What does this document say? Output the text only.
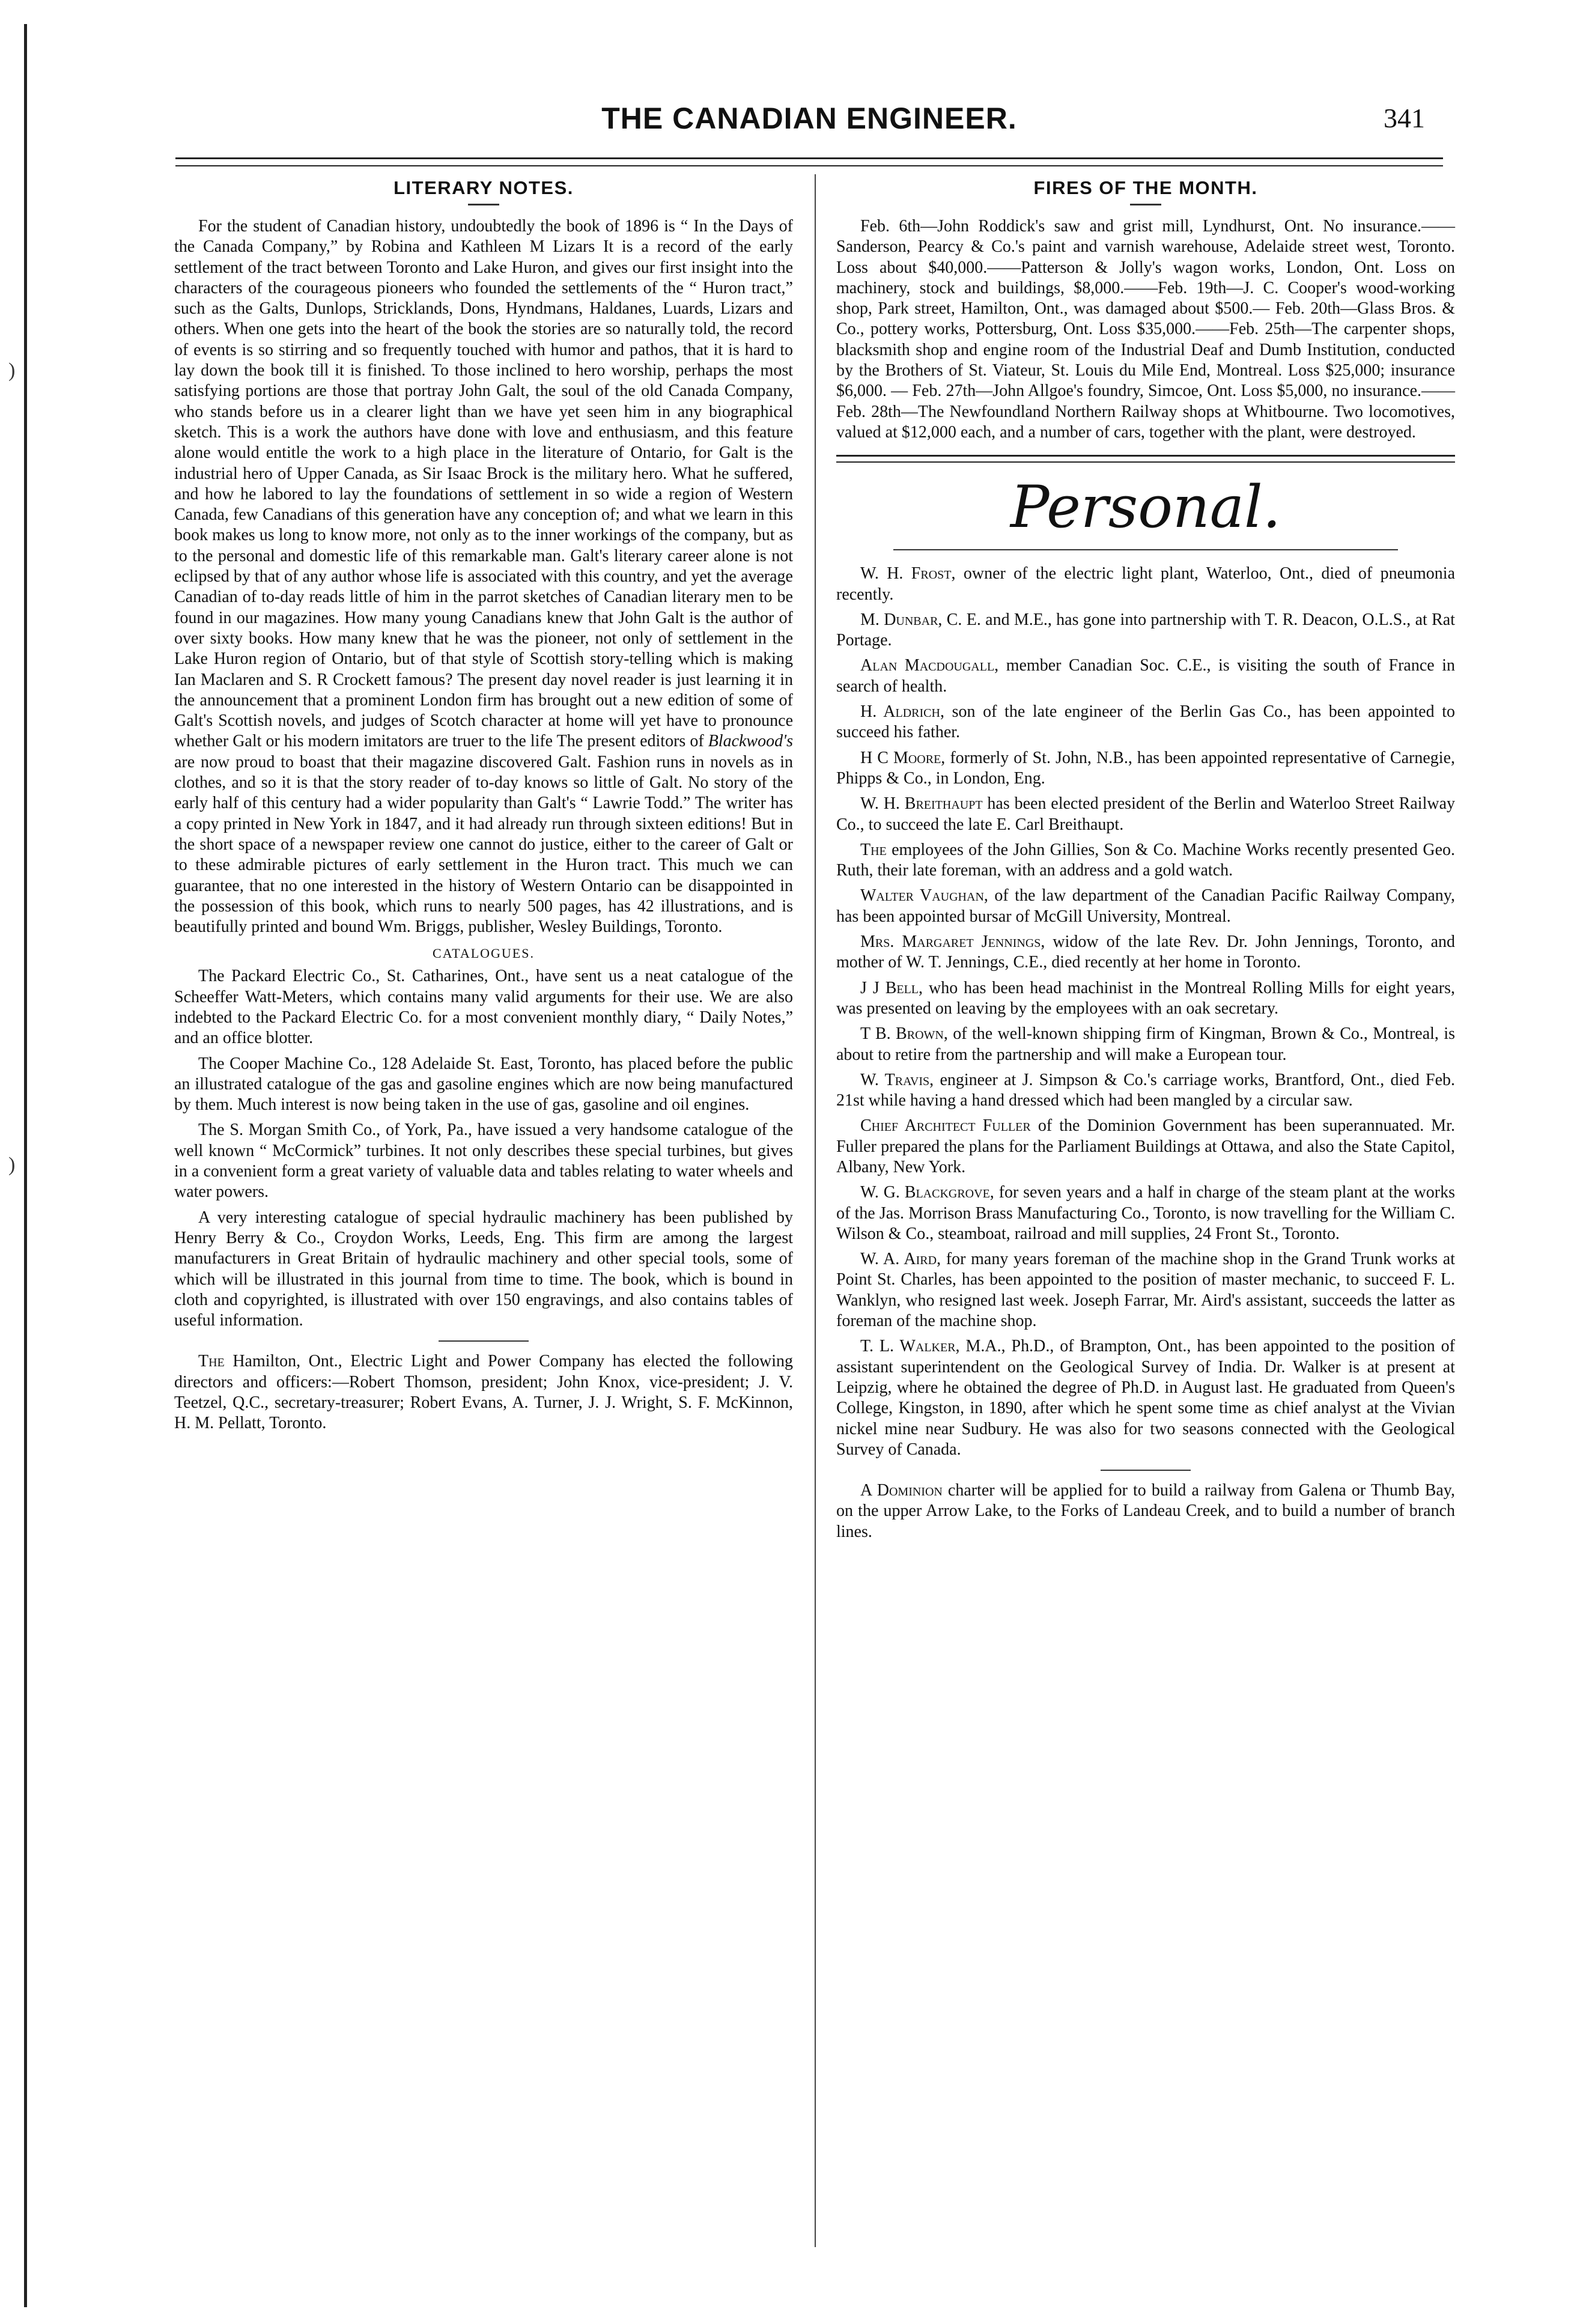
)
)
THE CANADIAN ENGINEER.	341
LITERARY NOTES.

For the student of Canadian history, undoubtedly the book of 1896 is “ In the Days of the Canada Company,” by Robina and Kathleen M Lizars It is a record of the early settlement of the tract between Toronto and Lake Huron, and gives our first insight into the characters of the courageous pioneers who founded the settlements of the “ Huron tract,” such as the Galts, Dunlops, Stricklands, Dons, Hyndmans, Haldanes, Luards, Lizars and others. When one gets into the heart of the book the stories are so naturally told, the record of events is so stirring and so frequently touched with humor and pathos, that it is hard to lay down the book till it is finished. To those inclined to hero worship, perhaps the most satisfying portions are those that portray John Galt, the soul of the old Canada Company, who stands before us in a clearer light than we have yet seen him in any biographical sketch. This is a work the authors have done with love and enthusiasm, and this feature alone would entitle the work to a high place in the literature of Ontario, for Galt is the industrial hero of Upper Canada, as Sir Isaac Brock is the military hero. What he suffered, and how he labored to lay the foundations of settlement in so wide a region of Western Canada, few Canadians of this generation have any conception of; and what we learn in this book makes us long to know more, not only as to the inner workings of the company, but as to the personal and domestic life of this remarkable man. Galt's literary career alone is not eclipsed by that of any author whose life is associated with this country, and yet the average Canadian of to-day reads little of him in the parrot sketches of Canadian literary men to be found in our magazines. How many young Canadians knew that John Galt is the author of over sixty books. How many knew that he was the pioneer, not only of settlement in the Lake Huron region of Ontario, but of that style of Scottish story-telling which is making Ian Maclaren and S. R Crockett famous? The present day novel reader is just learning it in the announcement that a prominent London firm has brought out a new edition of some of Galt's Scottish novels, and judges of Scotch character at home will yet have to pronounce whether Galt or his modern imitators are truer to the life The present editors of Blackwood's are now proud to boast that their magazine discovered Galt. Fashion runs in novels as in clothes, and so it is that the story reader of to-day knows so little of Galt. No story of the early half of this century had a wider popularity than Galt's “ Lawrie Todd.” The writer has a copy printed in New York in 1847, and it had already run through sixteen editions! But in the short space of a newspaper review one cannot do justice, either to the career of Galt or to these admirable pictures of early settlement in the Huron tract. This much we can guarantee, that no one interested in the history of Western Ontario can be disappointed in the possession of this book, which runs to nearly 500 pages, has 42 illustrations, and is beautifully printed and bound Wm. Briggs, publisher, Wesley Buildings, Toronto.

CATALOGUES.

The Packard Electric Co., St. Catharines, Ont., have sent us a neat catalogue of the Scheeffer Watt-Meters, which contains many valid arguments for their use. We are also indebted to the Packard Electric Co. for a most convenient monthly diary, “ Daily Notes,” and an office blotter.

The Cooper Machine Co., 128 Adelaide St. East, Toronto, has placed before the public an illustrated catalogue of the gas and gasoline engines which are now being manufactured by them. Much interest is now being taken in the use of gas, gasoline and oil engines.

The S. Morgan Smith Co., of York, Pa., have issued a very handsome catalogue of the well known “ McCormick” turbines. It not only describes these special turbines, but gives in a convenient form a great variety of valuable data and tables relating to water wheels and water powers.

A very interesting catalogue of special hydraulic machinery has been published by Henry Berry & Co., Croydon Works, Leeds, Eng. This firm are among the largest manufacturers in Great Britain of hydraulic machinery and other special tools, some of which will be illustrated in this journal from time to time. The book, which is bound in cloth and copyrighted, is illustrated with over 150 engravings, and also contains tables of useful information.

The Hamilton, Ont., Electric Light and Power Company has elected the following directors and officers:—Robert Thomson, president; John Knox, vice-president; J. V. Teetzel, Q.C., secretary-treasurer; Robert Evans, A. Turner, J. J. Wright, S. F. McKinnon, H. M. Pellatt, Toronto.

FIRES OF THE MONTH.

Feb. 6th—John Roddick's saw and grist mill, Lyndhurst, Ont. No insurance.——Sanderson, Pearcy & Co.'s paint and varnish warehouse, Adelaide street west, Toronto. Loss about $40,000.——Patterson & Jolly's wagon works, London, Ont. Loss on machinery, stock and buildings, $8,000.——Feb. 19th—J. C. Cooper's wood-working shop, Park street, Hamilton, Ont., was damaged about $500.— Feb. 20th—Glass Bros. & Co., pottery works, Pottersburg, Ont. Loss $35,000.——Feb. 25th—The carpenter shops, blacksmith shop and engine room of the Industrial Deaf and Dumb Institution, conducted by the Brothers of St. Viateur, St. Louis du Mile End, Montreal. Loss $25,000; insurance $6,000. — Feb. 27th—John Allgoe's foundry, Simcoe, Ont. Loss $5,000, no insurance.——Feb. 28th—The Newfoundland Northern Railway shops at Whitbourne. Two locomotives, valued at $12,000 each, and a number of cars, together with the plant, were destroyed.

Personal.

W. H. Frost, owner of the electric light plant, Waterloo, Ont., died of pneumonia recently.

M. Dunbar, C. E. and M.E., has gone into partnership with T. R. Deacon, O.L.S., at Rat Portage.

Alan Macdougall, member Canadian Soc. C.E., is visiting the south of France in search of health.

H. Aldrich, son of the late engineer of the Berlin Gas Co., has been appointed to succeed his father.

H C Moore, formerly of St. John, N.B., has been appointed representative of Carnegie, Phipps & Co., in London, Eng.

W. H. Breithaupt has been elected president of the Berlin and Waterloo Street Railway Co., to succeed the late E. Carl Breithaupt.

The employees of the John Gillies, Son & Co. Machine Works recently presented Geo. Ruth, their late foreman, with an address and a gold watch.

Walter Vaughan, of the law department of the Canadian Pacific Railway Company, has been appointed bursar of McGill University, Montreal.

Mrs. Margaret Jennings, widow of the late Rev. Dr. John Jennings, Toronto, and mother of W. T. Jennings, C.E., died recently at her home in Toronto.

J J Bell, who has been head machinist in the Montreal Rolling Mills for eight years, was presented on leaving by the employees with an oak secretary.

T B. Brown, of the well-known shipping firm of Kingman, Brown & Co., Montreal, is about to retire from the partnership and will make a European tour.

W. Travis, engineer at J. Simpson & Co.'s carriage works, Brantford, Ont., died Feb. 21st while having a hand dressed which had been mangled by a circular saw.

Chief Architect Fuller of the Dominion Government has been superannuated. Mr. Fuller prepared the plans for the Parliament Buildings at Ottawa, and also the State Capitol, Albany, New York.

W. G. Blackgrove, for seven years and a half in charge of the steam plant at the works of the Jas. Morrison Brass Manufacturing Co., Toronto, is now travelling for the William C. Wilson & Co., steamboat, railroad and mill supplies, 24 Front St., Toronto.

W. A. Aird, for many years foreman of the machine shop in the Grand Trunk works at Point St. Charles, has been appointed to the position of master mechanic, to succeed F. L. Wanklyn, who resigned last week. Joseph Farrar, Mr. Aird's assistant, succeeds the latter as foreman of the machine shop.

T. L. Walker, M.A., Ph.D., of Brampton, Ont., has been appointed to the position of assistant superintendent on the Geological Survey of India. Dr. Walker is at present at Leipzig, where he obtained the degree of Ph.D. in August last. He graduated from Queen's College, Kingston, in 1890, after which he spent some time as chief analyst at the Vivian nickel mine near Sudbury. He was also for two seasons connected with the Geological Survey of Canada.

A Dominion charter will be applied for to build a railway from Galena or Thumb Bay, on the upper Arrow Lake, to the Forks of Landeau Creek, and to build a number of branch lines.
